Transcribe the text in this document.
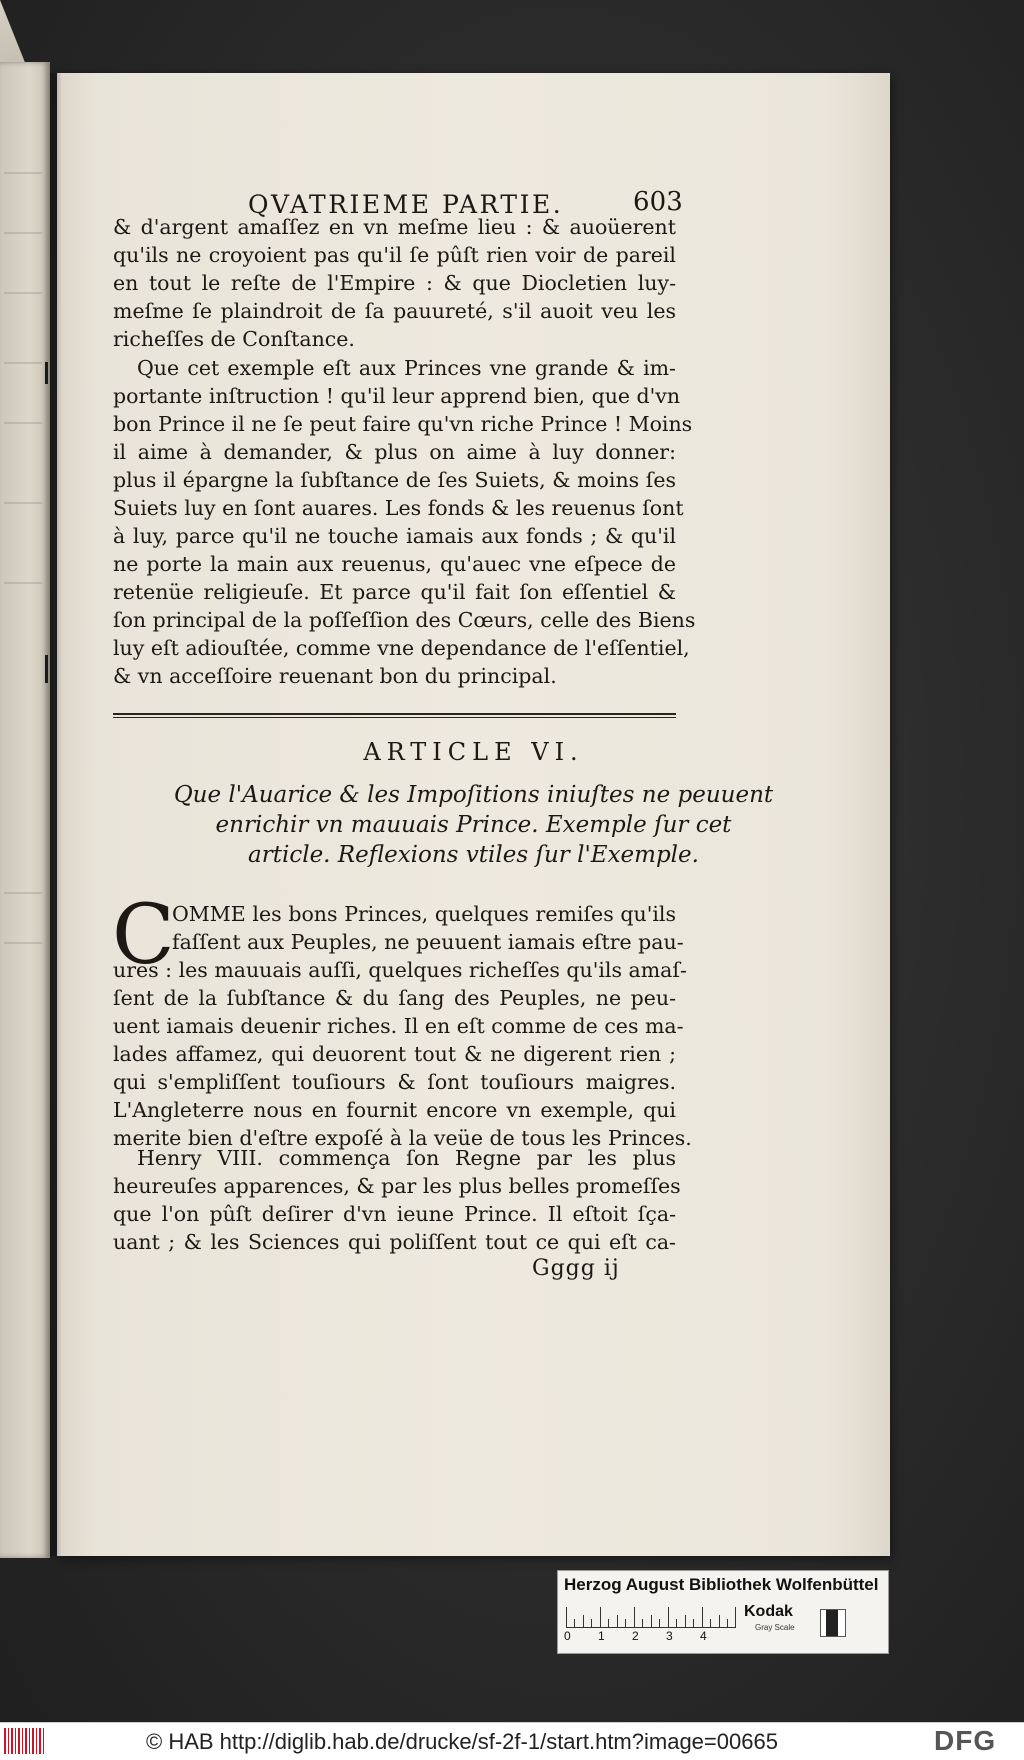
QVATRIEME PARTIE.	603
& d'argent amaſſez en vn meſme lieu : & auoüerent
qu'ils ne croyoient pas qu'il ſe pûſt rien voir de pareil
en tout le reſte de l'Empire : & que Diocletien luy-
meſme ſe plaindroit de ſa pauureté, s'il auoit veu les
richeſſes de Conſtance.
Que cet exemple eſt aux Princes vne grande & im-
portante inſtruction ! qu'il leur apprend bien, que d'vn
bon Prince il ne ſe peut faire qu'vn riche Prince ! Moins
il aime à demander, & plus on aime à luy donner:
plus il épargne la ſubſtance de ſes Suiets, & moins ſes
Suiets luy en ſont auares. Les fonds & les reuenus ſont
à luy, parce qu'il ne touche iamais aux fonds ; & qu'il
ne porte la main aux reuenus, qu'auec vne eſpece de
retenüe religieuſe. Et parce qu'il fait ſon eſſentiel &
ſon principal de la poſſeſſion des Cœurs, celle des Biens
luy eſt adiouſtée, comme vne dependance de l'eſſentiel,
& vn acceſſoire reuenant bon du principal.
ARTICLE VI.
Que l'Auarice & les Impoſitions iniuſtes ne peuuent
enrichir vn mauuais Prince. Exemple ſur cet
article. Reflexions vtiles ſur l'Exemple.
C
OMME les bons Princes, quelques remiſes qu'ils
faſſent aux Peuples, ne peuuent iamais eſtre pau-
ures : les mauuais auſſi, quelques richeſſes qu'ils amaſ-
ſent de la ſubſtance & du ſang des Peuples, ne peu-
uent iamais deuenir riches. Il en eſt comme de ces ma-
lades affamez, qui deuorent tout & ne digerent rien ;
qui s'empliſſent touſiours & ſont touſiours maigres.
L'Angleterre nous en fournit encore vn exemple, qui
merite bien d'eſtre expoſé à la veüe de tous les Princes.
Henry VIII. commença ſon Regne par les plus
heureuſes apparences, & par les plus belles promeſſes
que l'on pûſt deſirer d'vn ieune Prince. Il eſtoit ſça-
uant ; & les Sciences qui poliſſent tout ce qui eſt ca-
Gggg ij
Herzog August Bibliothek Wolfenbüttel
0 1 2 3 4
Kodak
Gray Scale
© HAB http://diglib.hab.de/drucke/sf-2f-1/start.htm?image=00665	DFG
